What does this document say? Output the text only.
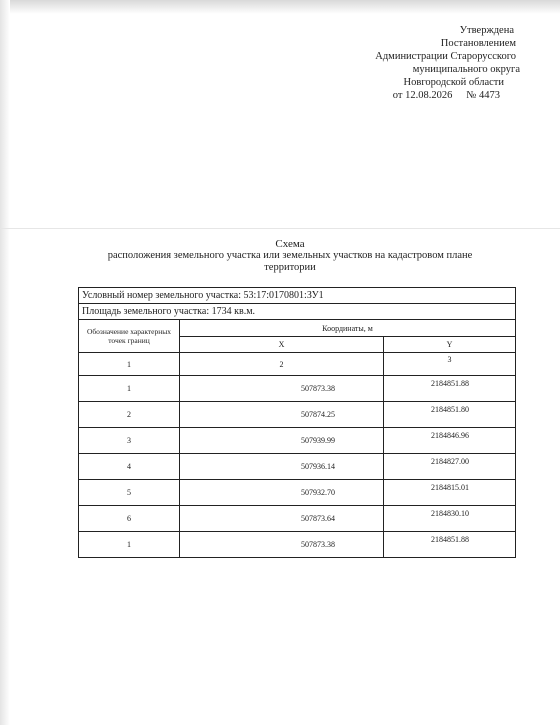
Утверждена
Постановлением
Администрации Старорусского
муниципального округа
Новгородской области
от 12.08.2026 № 4473
Схема
расположения земельного участка или земельных участков на кадастровом плане
территории
Условный номер земельного участка: 53:17:0170801:ЗУ1		
Площадь земельного участка: 1734 кв.м.		
Обозначение характерных точек границ	Координаты, м	
	X	Y
1	2	3
1	507873.38	2184851.88
2	507874.25	2184851.80
3	507939.99	2184846.96
4	507936.14	2184827.00
5	507932.70	2184815.01
6	507873.64	2184830.10
1	507873.38	2184851.88
